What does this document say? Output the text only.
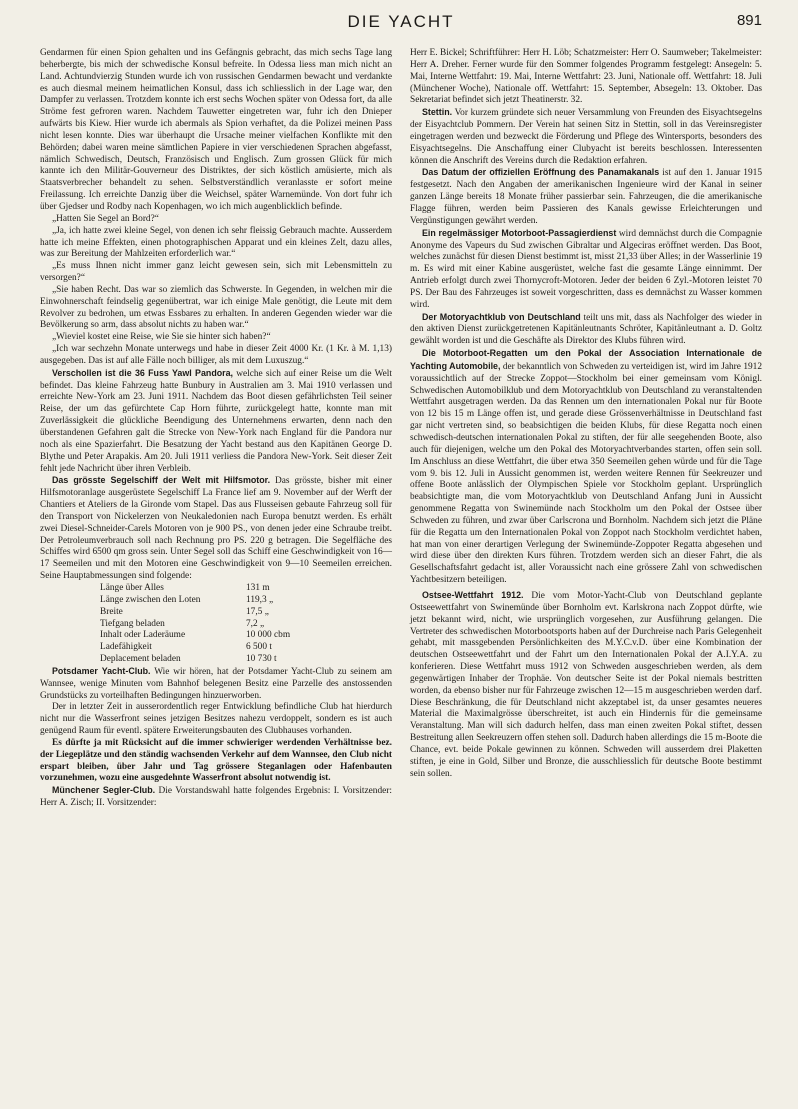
DIE YACHT	891

Gendarmen für einen Spion gehalten und ins Gefängnis gebracht, das mich sechs Tage lang beherbergte, bis mich der schwedische Konsul befreite. In Odessa liess man mich nicht an Land. Achtundvierzig Stunden wurde ich von russischen Gendarmen bewacht und verdankte es auch diesmal meinem heimatlichen Konsul, dass ich schliesslich in der Lage war, den Dampfer zu verlassen. Trotzdem konnte ich erst sechs Wochen später von Odessa fort, da alle Ströme fest gefroren waren. Nachdem Tauwetter eingetreten war, fuhr ich den Dnieper aufwärts bis Kiew. Hier wurde ich abermals als Spion verhaftet, da die Polizei meinen Pass nicht lesen konnte. Dies war überhaupt die Ursache meiner vielfachen Konflikte mit den Behörden; dabei waren meine sämtlichen Papiere in vier verschiedenen Sprachen abgefasst, nämlich Schwedisch, Deutsch, Französisch und Englisch. Zum grossen Glück für mich kannte ich den Militär-Gouverneur des Distriktes, der sich köstlich amüsierte, mich als Staatsverbrecher behandelt zu sehen. Selbstverständlich veranlasste er sofort meine Freilassung. Ich erreichte Danzig über die Weichsel, später Warnemünde. Von dort fuhr ich über Gjedser und Rodby nach Kopenhagen, wo ich mich augenblicklich befinde.

„Hatten Sie Segel an Bord?“

„Ja, ich hatte zwei kleine Segel, von denen ich sehr fleissig Gebrauch machte. Ausserdem hatte ich meine Effekten, einen photographischen Apparat und ein kleines Zelt, dazu alles, was zur Bereitung der Mahlzeiten erforderlich war.“

„Es muss Ihnen nicht immer ganz leicht gewesen sein, sich mit Lebensmitteln zu versorgen?“

„Sie haben Recht. Das war so ziemlich das Schwerste. In Gegenden, in welchen mir die Einwohnerschaft feindselig gegenübertrat, war ich einige Male genötigt, die Leute mit dem Revolver zu bedrohen, um etwas Essbares zu erhalten. In anderen Gegenden wieder war die Bevölkerung so arm, dass absolut nichts zu haben war.“

„Wieviel kostet eine Reise, wie Sie sie hinter sich haben?“

„Ich war sechzehn Monate unterwegs und habe in dieser Zeit 4000 Kr. (1 Kr. à M. 1,13) ausgegeben. Das ist auf alle Fälle noch billiger, als mit dem Luxuszug.“

Verschollen ist die 36 Fuss Yawl Pandora, welche sich auf einer Reise um die Welt befindet. Das kleine Fahrzeug hatte Bunbury in Australien am 3. Mai 1910 verlassen und erreichte New-York am 23. Juni 1911. Nachdem das Boot diesen gefährlichsten Teil seiner Reise, der um das gefürchtete Cap Horn führte, zurückgelegt hatte, konnte man mit Zuverlässigkeit die glückliche Beendigung des Unternehmens erwarten, denn nach den überstandenen Gefahren galt die Strecke von New-York nach England für die Pandora nur noch als eine Spazierfahrt. Die Besatzung der Yacht bestand aus den Kapitänen George D. Blythe und Peter Arapakis. Am 20. Juli 1911 verliess die Pandora New-York. Seit dieser Zeit fehlt jede Nachricht über ihren Verbleib.

Das grösste Segelschiff der Welt mit Hilfsmotor. Das grösste, bisher mit einer Hilfsmotoranlage ausgerüstete Segelschiff La France lief am 9. November auf der Werft der Chantiers et Ateliers de la Gironde vom Stapel. Das aus Flusseisen gebaute Fahrzeug soll für den Transport von Nickelerzen von Neukaledonien nach Europa benutzt werden. Es erhält zwei Diesel-Schneider-Carels Motoren von je 900 PS., von denen jeder eine Schraube treibt. Der Petroleumverbrauch soll nach Rechnung pro PS. 220 g betragen. Die Segelfläche des Schiffes wird 6500 qm gross sein. Unter Segel soll das Schiff eine Geschwindigkeit von 16—17 Seemeilen und mit den Motoren eine Geschwindigkeit von 9—10 Seemeilen erreichen. Seine Hauptabmessungen sind folgende:

Länge über Alles	131 m
Länge zwischen den Loten	119,3 „
Breite	17,5 „
Tiefgang beladen	7,2 „
Inhalt oder Laderäume	10 000 cbm
Ladefähigkeit	6 500 t
Deplacement beladen	10 730 t

Potsdamer Yacht-Club. Wie wir hören, hat der Potsdamer Yacht-Club zu seinem am Wannsee, wenige Minuten vom Bahnhof belegenen Besitz eine Parzelle des anstossenden Grundstücks zu vorteilhaften Bedingungen hinzuerworben.

Der in letzter Zeit in ausserordentlich reger Entwicklung befindliche Club hat hierdurch nicht nur die Wasserfront seines jetzigen Besitzes nahezu verdoppelt, sondern es ist auch genügend Raum für eventl. spätere Erweiterungsbauten des Clubhauses vorhanden.

Es dürfte ja mit Rücksicht auf die immer schwieriger werdenden Verhältnisse bez. der Liegeplätze und den ständig wachsenden Verkehr auf dem Wannsee, den Club nicht erspart bleiben, über Jahr und Tag grössere Steganlagen oder Hafenbauten vorzunehmen, wozu eine ausgedehnte Wasserfront absolut notwendig ist.

Münchener Segler-Club. Die Vorstandswahl hatte folgendes Ergebnis: I. Vorsitzender: Herr A. Zisch; II. Vorsitzender:

Herr E. Bickel; Schriftführer: Herr H. Löb; Schatzmeister: Herr O. Saumweber; Takelmeister: Herr A. Dreher. Ferner wurde für den Sommer folgendes Programm festgelegt: Ansegeln: 5. Mai, Interne Wettfahrt: 19. Mai, Interne Wettfahrt: 23. Juni, Nationale off. Wettfahrt: 18. Juli (Münchener Woche), Nationale off. Wettfahrt: 15. September, Absegeln: 13. Oktober. Das Sekretariat befindet sich jetzt Theatinerstr. 32.

Stettin. Vor kurzem gründete sich neuer Versammlung von Freunden des Eisyachtsegelns der Eisyachtclub Pommern. Der Verein hat seinen Sitz in Stettin, soll in das Vereinsregister eingetragen werden und bezweckt die Förderung und Pflege des Wintersports, besonders des Eisyachtsegelns. Die Anschaffung einer Clubyacht ist bereits beschlossen. Interessenten können die Anschrift des Vereins durch die Redaktion erfahren.

Das Datum der offiziellen Eröffnung des Panamakanals ist auf den 1. Januar 1915 festgesetzt. Nach den Angaben der amerikanischen Ingenieure wird der Kanal in seiner ganzen Länge bereits 18 Monate früher passierbar sein. Fahrzeugen, die die amerikanische Flagge führen, werden beim Passieren des Kanals gewisse Erleichterungen und Vergünstigungen gewährt werden.

Ein regelmässiger Motorboot-Passagierdienst wird demnächst durch die Compagnie Anonyme des Vapeurs du Sud zwischen Gibraltar und Algeciras eröffnet werden. Das Boot, welches zunächst für diesen Dienst bestimmt ist, misst 21,33 über Alles; in der Wasserlinie 19 m. Es wird mit einer Kabine ausgerüstet, welche fast die gesamte Länge einnimmt. Der Antrieb erfolgt durch zwei Thornycroft-Motoren. Jeder der beiden 6 Zyl.-Motoren leistet 70 PS. Der Bau des Fahrzeuges ist soweit vorgeschritten, dass es demnächst zu Wasser kommen wird.

Der Motoryachtklub von Deutschland teilt uns mit, dass als Nachfolger des wieder in den aktiven Dienst zurückgetretenen Kapitänleutnants Schröter, Kapitänleutnant a. D. Goltz gewählt worden ist und die Geschäfte als Direktor des Klubs führen wird.

Die Motorboot-Regatten um den Pokal der Association Internationale de Yachting Automobile, der bekanntlich von Schweden zu verteidigen ist, wird im Jahre 1912 voraussichtlich auf der Strecke Zoppot—Stockholm bei einer gemeinsam vom Königl. Schwedischen Automobilklub und dem Motoryachtklub von Deutschland zu veranstaltenden Wettfahrt ausgetragen werden. Da das Rennen um den internationalen Pokal nur für Boote von 12 bis 15 m Länge offen ist, und gerade diese Grössenverhältnisse in Deutschland fast gar nicht vertreten sind, so beabsichtigen die beiden Klubs, für diese Regatta noch einen schwedisch-deutschen internationalen Pokal zu stiften, der für alle seegehenden Boote, also auch für diejenigen, welche um den Pokal des Motoryachtverbandes starten, offen sein soll. Im Anschluss an diese Wettfahrt, die über etwa 350 Seemeilen gehen würde und für die Tage vom 9. bis 12. Juli in Aussicht genommen ist, werden weitere Rennen für Seekreuzer und offene Boote anlässlich der Olympischen Spiele vor Stockholm geplant. Ursprünglich beabsichtigte man, die vom Motoryachtklub von Deutschland Anfang Juni in Aussicht genommene Regatta von Swinemünde nach Stockholm um den Pokal der Ostsee über Schweden zu führen, und zwar über Carlscrona und Bornholm. Nachdem sich jetzt die Pläne für die Regatta um den Internationalen Pokal von Zoppot nach Stockholm verdichtet haben, hat man von einer derartigen Verlegung der Swinemünde-Zoppoter Regatta abgesehen und wird diese über den direkten Kurs führen. Trotzdem werden sich an dieser Fahrt, die als Gesellschaftsfahrt gedacht ist, aller Voraussicht nach eine grössere Zahl von schwedischen Yachtbesitzern beteiligen.

Ostsee-Wettfahrt 1912. Die vom Motor-Yacht-Club von Deutschland geplante Ostseewettfahrt von Swinemünde über Bornholm evt. Karlskrona nach Zoppot dürfte, wie jetzt bekannt wird, nicht, wie ursprünglich vorgesehen, zur Ausführung gelangen. Die Vertreter des schwedischen Motorbootsports haben auf der Durchreise nach Paris Gelegenheit gehabt, mit massgebenden Persönlichkeiten des M.Y.C.v.D. über eine Kombination der deutschen Ostseewettfahrt und der Fahrt um den Internationalen Pokal der A.I.Y.A. zu konferieren. Diese Wettfahrt muss 1912 von Schweden ausgeschrieben werden, als dem gegenwärtigen Inhaber der Trophäe. Von deutscher Seite ist der Pokal niemals bestritten worden, da ebenso bisher nur für Fahrzeuge zwischen 12—15 m ausgeschrieben werden darf. Diese Beschränkung, die für Deutschland nicht akzeptabel ist, da unser gesamtes neueres Material die Maximalgrösse überschreitet, ist auch ein Hindernis für die gemeinsame Veranstaltung. Man will sich dadurch helfen, dass man einen zweiten Pokal stiftet, dessen Bestreitung allen Seekreuzern offen stehen soll. Dadurch haben allerdings die 15 m-Boote die Chance, evt. beide Pokale gewinnen zu können. Schweden will ausserdem drei Plaketten stiften, je eine in Gold, Silber und Bronze, die ausschliesslich für deutsche Boote bestimmt sein sollen.
